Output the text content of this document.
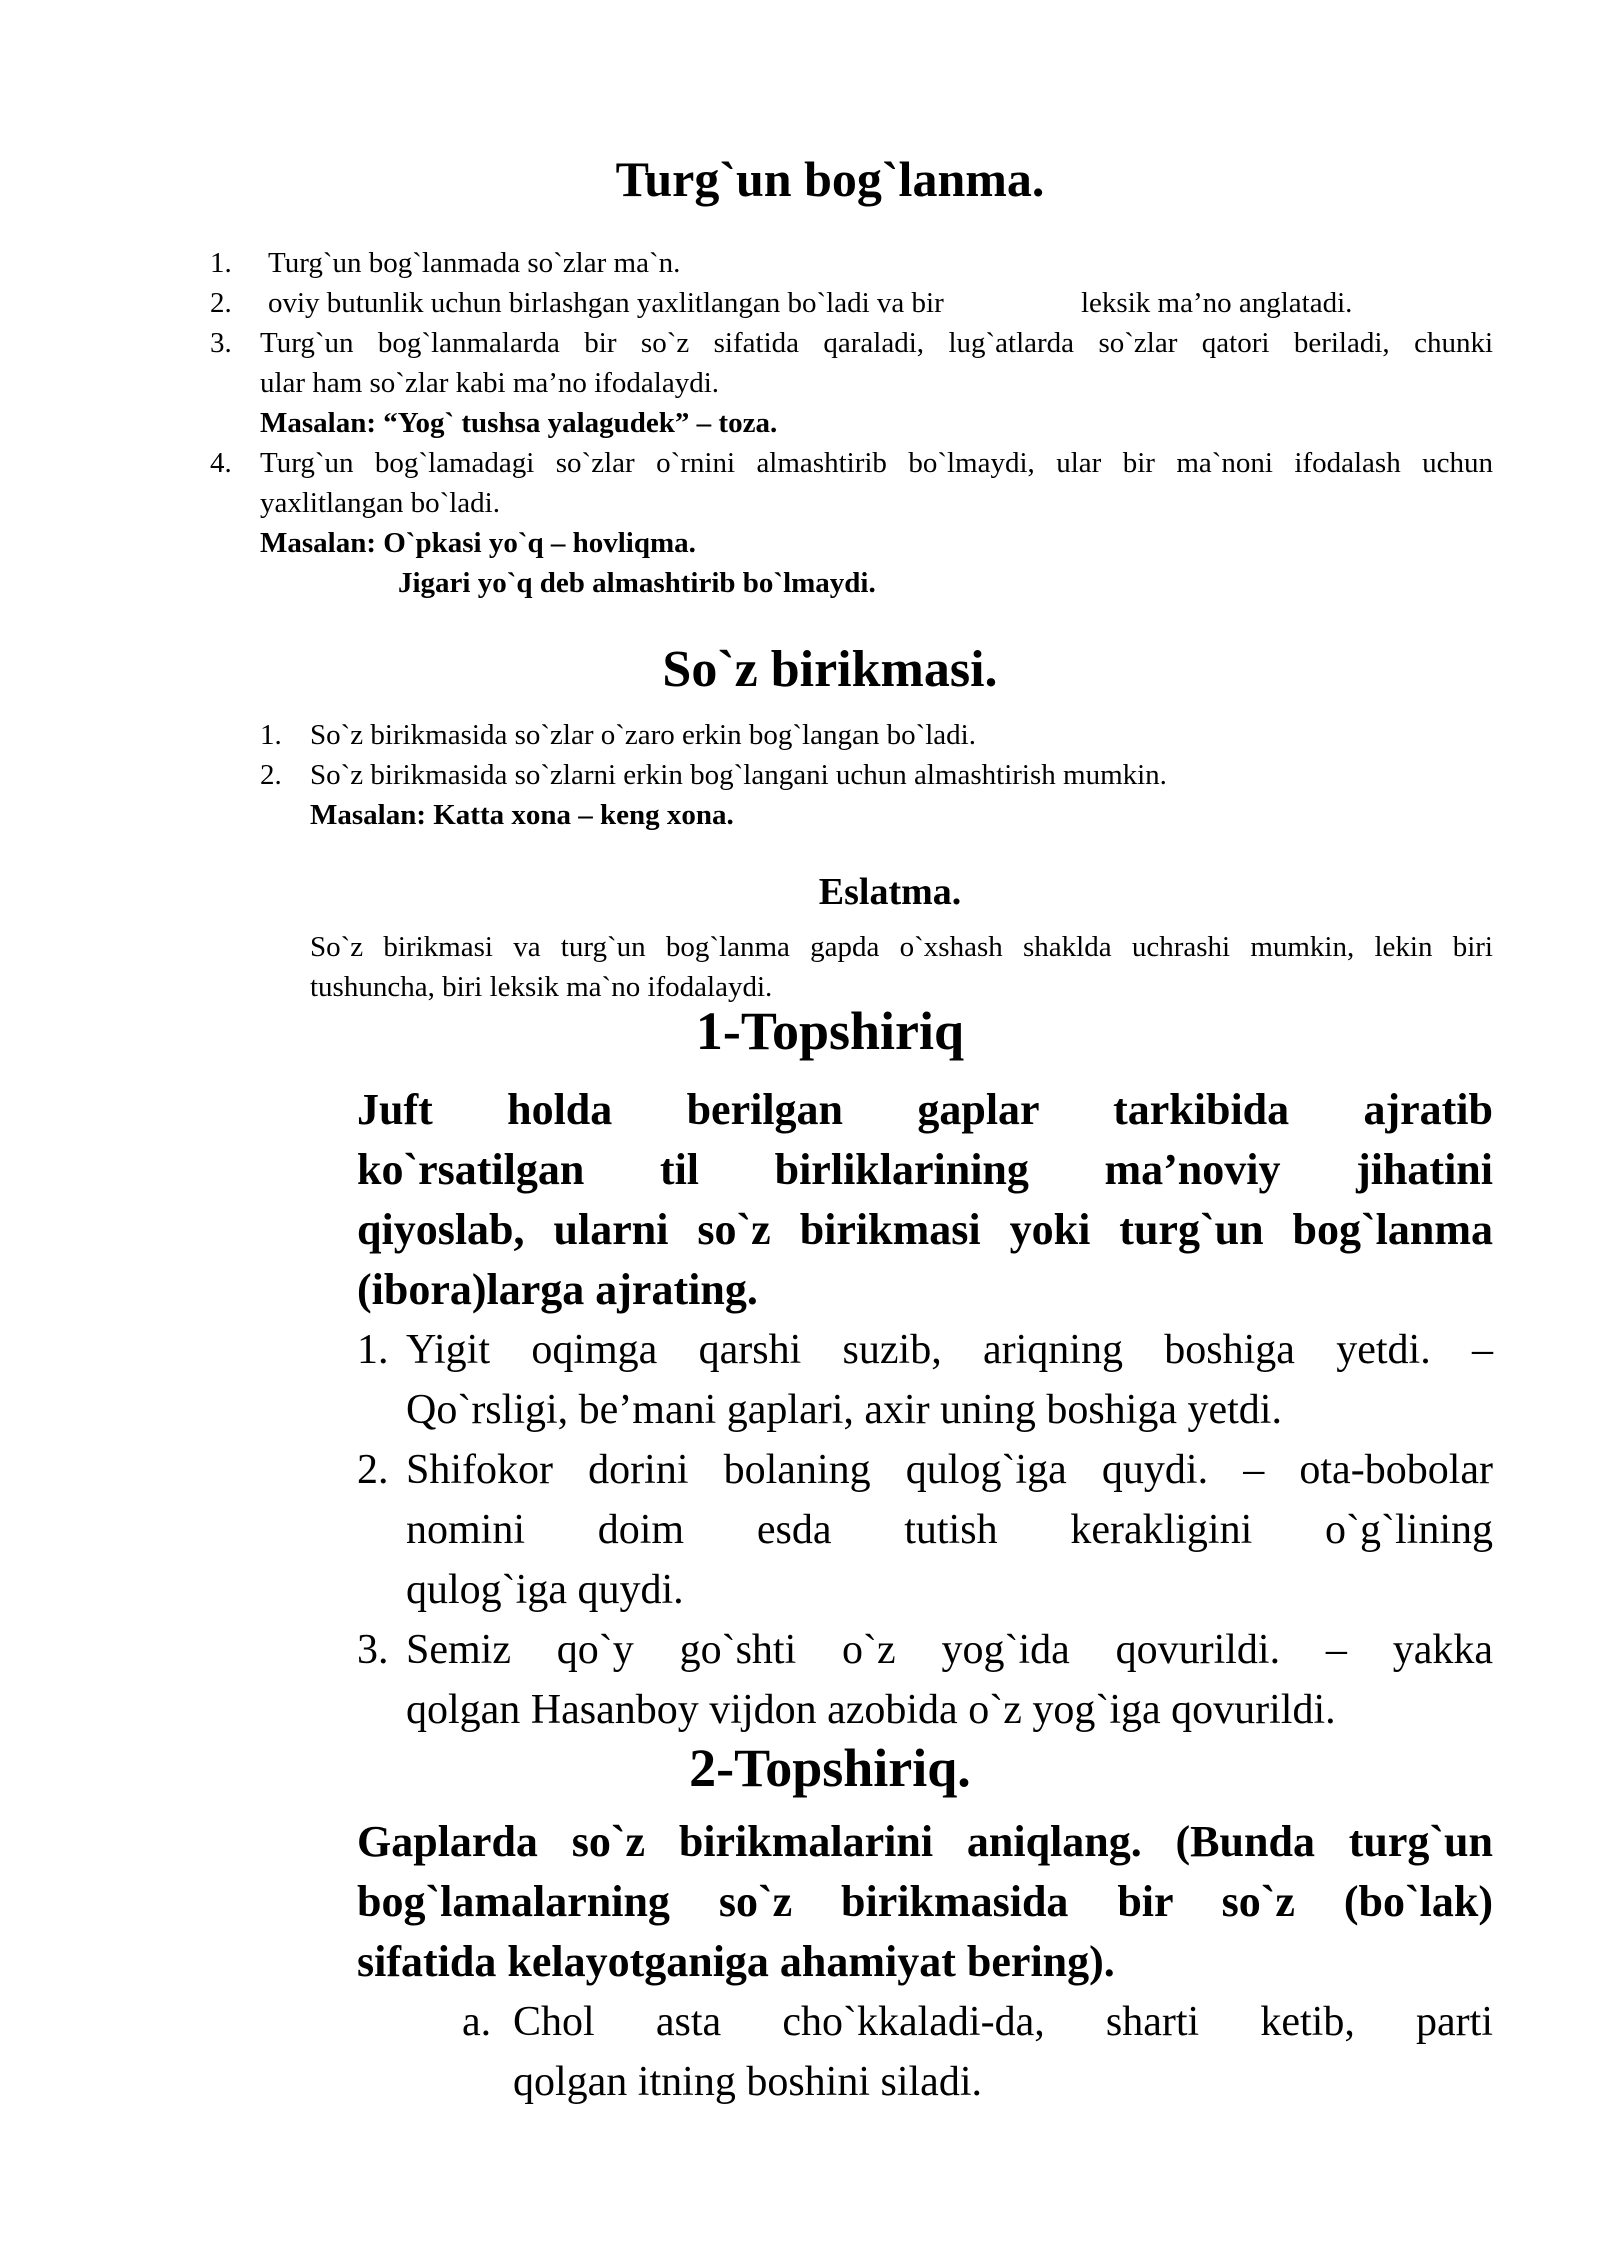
Turg`un bog`lanma.
1. Turg`un bog`lanmada so`zlar ma`n.
2. oviy butunlik uchun birlashgan yaxlitlangan bo`ladi va bir	leksik ma’no anglatadi.
3. Turg`un bog`lanmalarda bir so`z sifatida qaraladi, lug`atlarda so`zlar qatori beriladi, chunki
ular ham so`zlar kabi ma’no ifodalaydi.
Masalan: “Yog` tushsa yalagudek” – toza.
4. Turg`un bog`lamadagi so`zlar o`rnini almashtirib bo`lmaydi, ular bir ma`noni ifodalash uchun
yaxlitlangan bo`ladi.
Masalan: O`pkasi yo`q – hovliqma.
Jigari yo`q deb almashtirib bo`lmaydi.
So`z birikmasi.
1. So`z birikmasida so`zlar o`zaro erkin bog`langan bo`ladi.
2. So`z birikmasida so`zlarni erkin bog`langani uchun almashtirish mumkin.
Masalan: Katta xona – keng xona.
Eslatma.
So`z birikmasi va turg`un bog`lanma gapda o`xshash shaklda uchrashi mumkin, lekin biri
tushuncha, biri leksik ma`no ifodalaydi.
1-Topshiriq
Juft holda berilgan gaplar tarkibida ajratib
ko`rsatilgan til birliklarining ma’noviy jihatini
qiyoslab, ularni so`z birikmasi yoki turg`un bog`lanma
(ibora)larga ajrating.
1. Yigit oqimga qarshi suzib, ariqning boshiga yetdi. –
Qo`rsligi, be’mani gaplari, axir uning boshiga yetdi.
2. Shifokor dorini bolaning qulog`iga quydi. – ota-bobolar
nomini doim esda tutish kerakligini o`g`lining
qulog`iga quydi.
3. Semiz qo`y go`shti o`z yog`ida qovurildi. – yakka
qolgan Hasanboy vijdon azobida o`z yog`iga qovurildi.
2-Topshiriq.
Gaplarda so`z birikmalarini aniqlang. (Bunda turg`un
bog`lamalarning so`z birikmasida bir so`z (bo`lak)
sifatida kelayotganiga ahamiyat bering).
a. Chol asta cho`kkaladi-da, sharti ketib, parti
qolgan itning boshini siladi.
